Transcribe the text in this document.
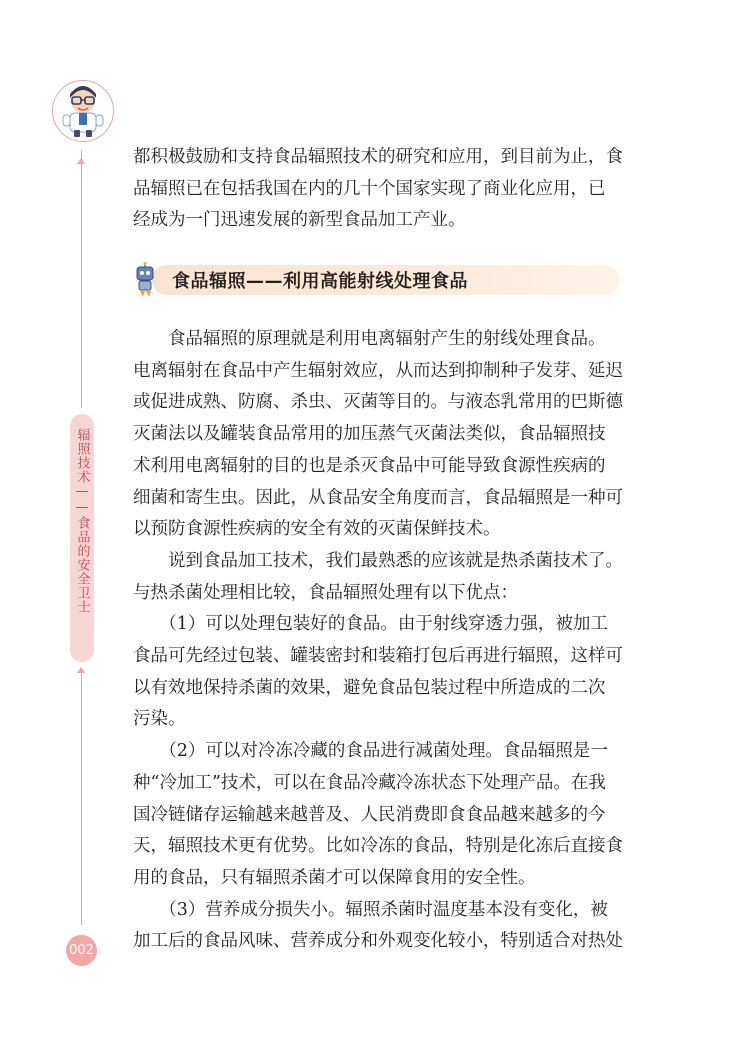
辐照技术——食品的安全卫士
002
都积极鼓励和支持食品辐照技术的研究和应用，到目前为止，食
品辐照已在包括我国在内的几十个国家实现了商业化应用，已
经成为一门迅速发展的新型食品加工产业。
食品辐照——利用高能射线处理食品
　　食品辐照的原理就是利用电离辐射产生的射线处理食品。
电离辐射在食品中产生辐射效应，从而达到抑制种子发芽、延迟
或促进成熟、防腐、杀虫、灭菌等目的。与液态乳常用的巴斯德
灭菌法以及罐装食品常用的加压蒸气灭菌法类似，食品辐照技
术利用电离辐射的目的也是杀灭食品中可能导致食源性疾病的
细菌和寄生虫。因此，从食品安全角度而言，食品辐照是一种可
以预防食源性疾病的安全有效的灭菌保鲜技术。
　　说到食品加工技术，我们最熟悉的应该就是热杀菌技术了。
与热杀菌处理相比较，食品辐照处理有以下优点：
　　（1）可以处理包装好的食品。由于射线穿透力强，被加工
食品可先经过包装、罐装密封和装箱打包后再进行辐照，这样可
以有效地保持杀菌的效果，避免食品包装过程中所造成的二次
污染。
　　（2）可以对冷冻冷藏的食品进行减菌处理。食品辐照是一
种“冷加工”技术，可以在食品冷藏冷冻状态下处理产品。在我
国冷链储存运输越来越普及、人民消费即食食品越来越多的今
天，辐照技术更有优势。比如冷冻的食品，特别是化冻后直接食
用的食品，只有辐照杀菌才可以保障食用的安全性。
　　（3）营养成分损失小。辐照杀菌时温度基本没有变化，被
加工后的食品风味、营养成分和外观变化较小，特别适合对热处
